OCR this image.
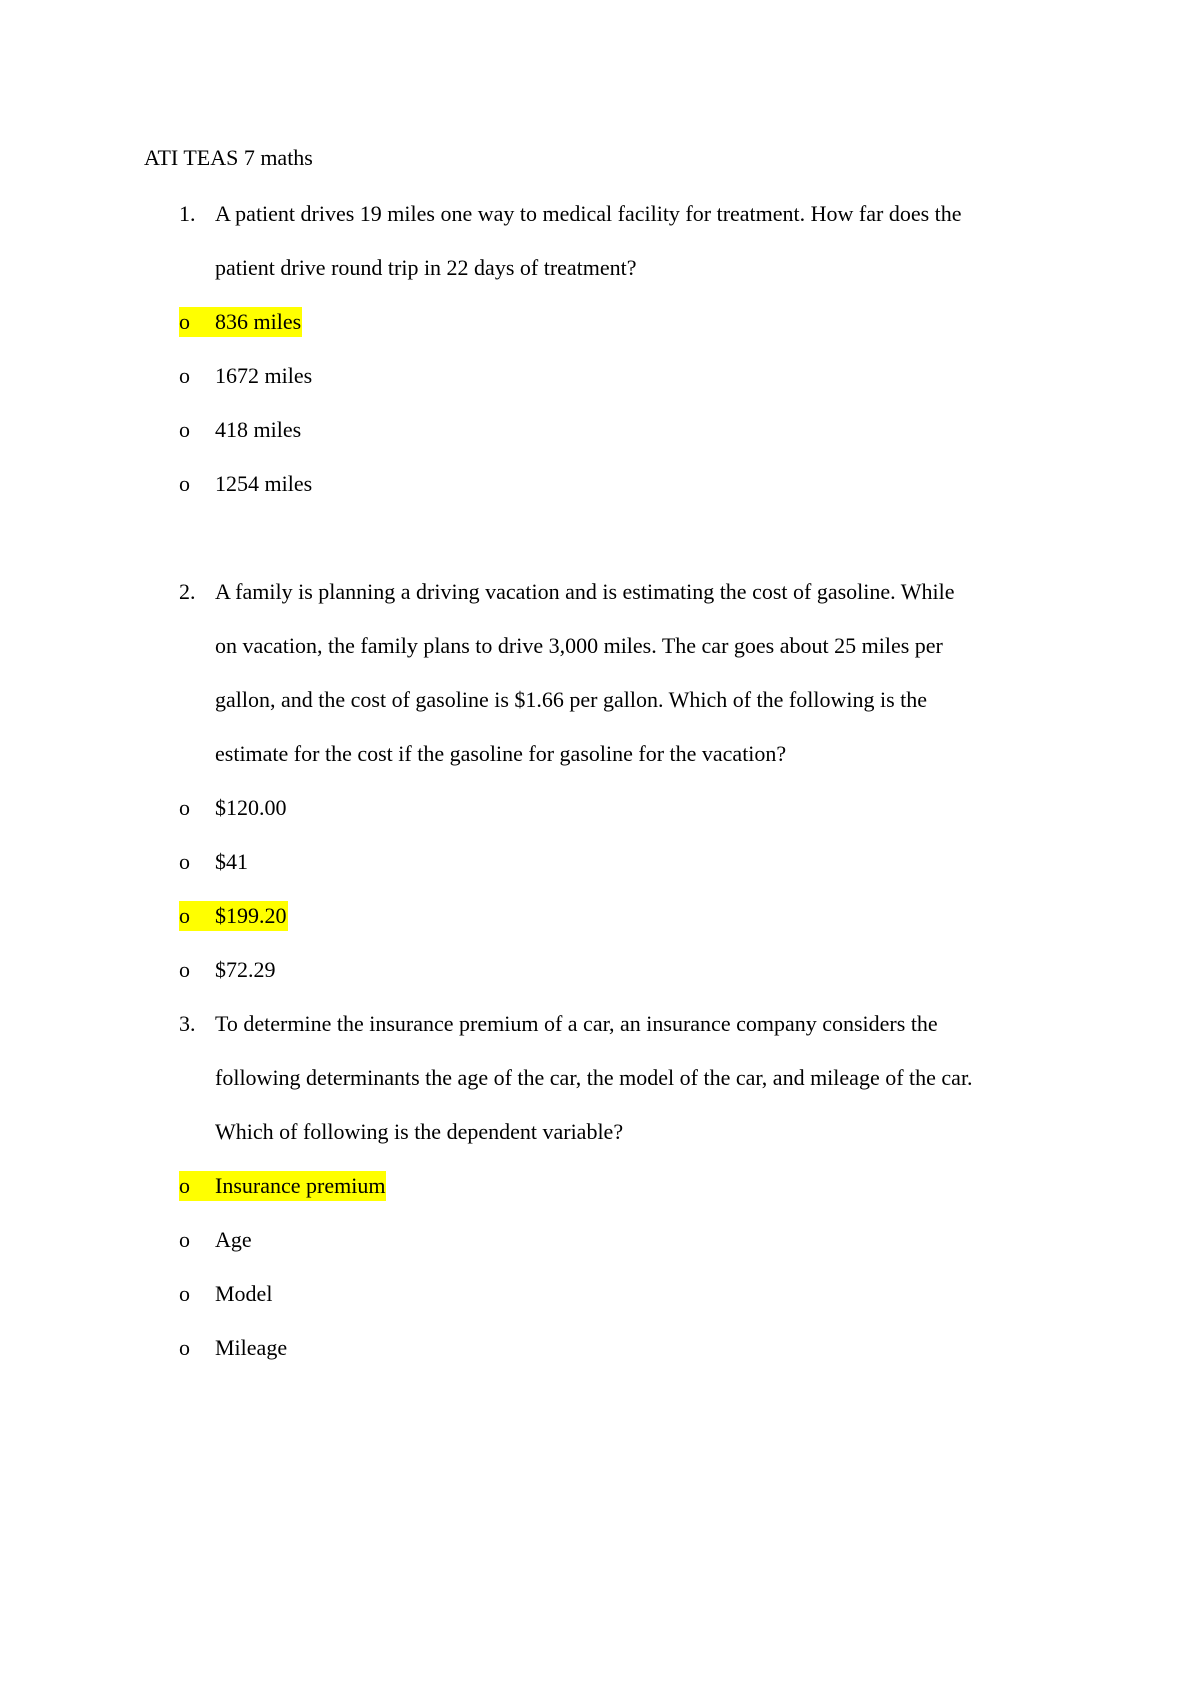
ATI TEAS 7 maths
1. A patient drives 19 miles one way to medical facility for treatment. How far does the
patient drive round trip in 22 days of treatment?
o 836 miles
o 1672 miles
o 418 miles
o 1254 miles
2. A family is planning a driving vacation and is estimating the cost of gasoline. While
on vacation, the family plans to drive 3,000 miles. The car goes about 25 miles per
gallon, and the cost of gasoline is $1.66 per gallon. Which of the following is the
estimate for the cost if the gasoline for gasoline for the vacation?
o $120.00
o $41
o $199.20
o $72.29
3. To determine the insurance premium of a car, an insurance company considers the
following determinants the age of the car, the model of the car, and mileage of the car.
Which of following is the dependent variable?
o Insurance premium
o Age
o Model
o Mileage
